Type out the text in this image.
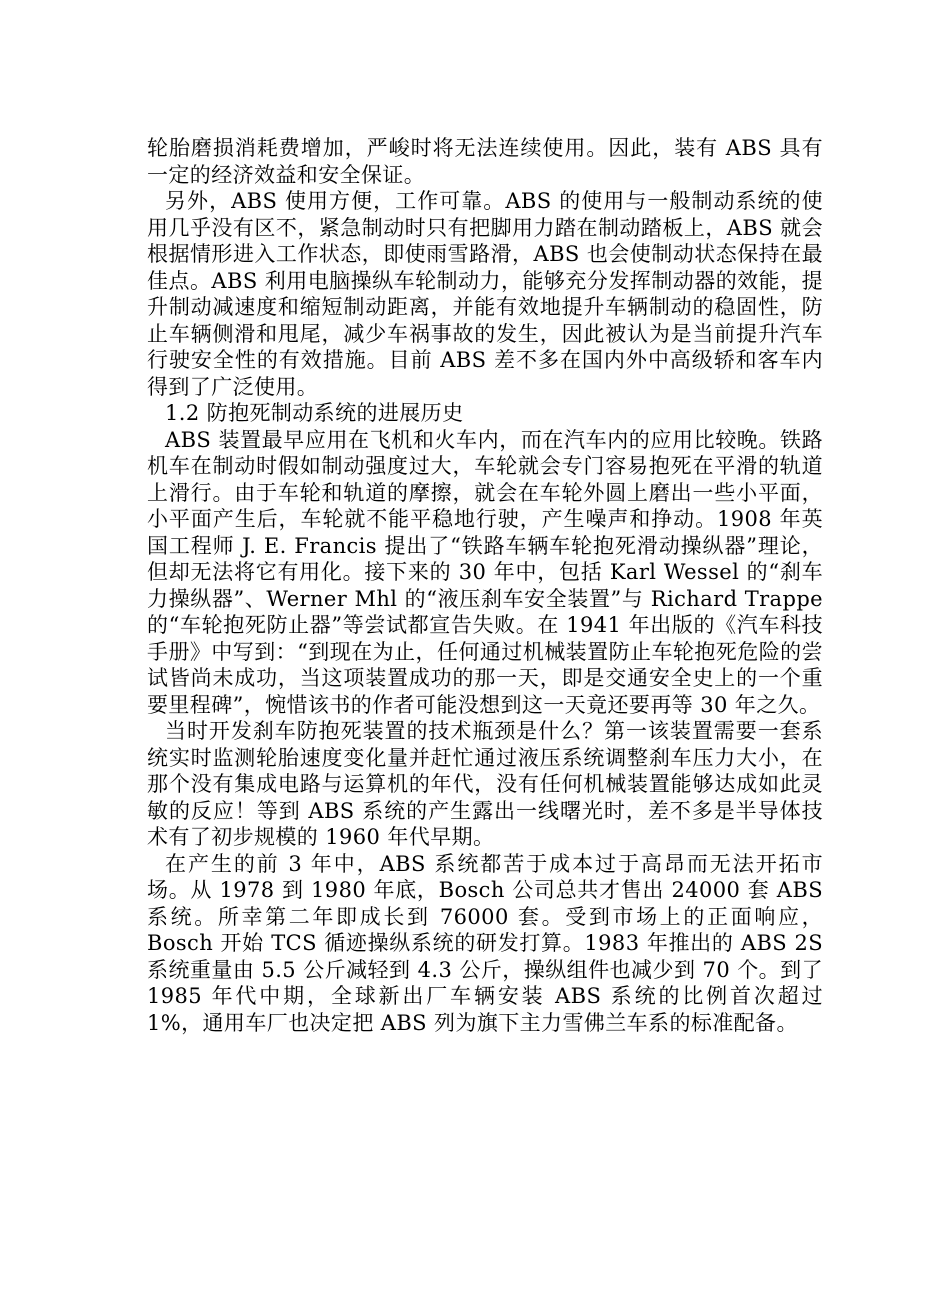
轮胎磨损消耗费增加，严峻时将无法连续使用。因此，装有 ABS 具有一定的经济效益和安全保证。

另外，ABS 使用方便，工作可靠。ABS 的使用与一般制动系统的使用几乎没有区不，紧急制动时只有把脚用力踏在制动踏板上，ABS 就会根据情形进入工作状态，即使雨雪路滑，ABS 也会使制动状态保持在最佳点。ABS 利用电脑操纵车轮制动力，能够充分发挥制动器的效能，提升制动减速度和缩短制动距离，并能有效地提升车辆制动的稳固性，防止车辆侧滑和甩尾，减少车祸事故的发生，因此被认为是当前提升汽车行驶安全性的有效措施。目前 ABS 差不多在国内外中高级轿和客车内得到了广泛使用。

1.2 防抱死制动系统的进展历史

ABS 装置最早应用在飞机和火车内，而在汽车内的应用比较晚。铁路机车在制动时假如制动强度过大，车轮就会专门容易抱死在平滑的轨道上滑行。由于车轮和轨道的摩擦，就会在车轮外圆上磨出一些小平面，小平面产生后，车轮就不能平稳地行驶，产生噪声和挣动。1908 年英国工程师 J. E. Francis 提出了“铁路车辆车轮抱死滑动操纵器”理论，但却无法将它有用化。接下来的 30 年中，包括 Karl Wessel 的“刹车力操纵器”、Werner Mhl 的“液压刹车安全装置”与 Richard Trappe 的“车轮抱死防止器”等尝试都宣告失败。在 1941 年出版的《汽车科技手册》中写到：“到现在为止，任何通过机械装置防止车轮抱死危险的尝试皆尚未成功，当这项装置成功的那一天，即是交通安全史上的一个重要里程碑”，惋惜该书的作者可能没想到这一天竟还要再等 30 年之久。

当时开发刹车防抱死装置的技术瓶颈是什么？第一该装置需要一套系统实时监测轮胎速度变化量并赶忙通过液压系统调整刹车压力大小，在那个没有集成电路与运算机的年代，没有任何机械装置能够达成如此灵敏的反应！等到 ABS 系统的产生露出一线曙光时，差不多是半导体技术有了初步规模的 1960 年代早期。

在产生的前 3 年中，ABS 系统都苦于成本过于高昂而无法开拓市场。从 1978 到 1980 年底，Bosch 公司总共才售出 24000 套 ABS 系统。所幸第二年即成长到 76000 套。受到市场上的正面响应，Bosch 开始 TCS 循迹操纵系统的研发打算。1983 年推出的 ABS 2S 系统重量由 5.5 公斤减轻到 4.3 公斤，操纵组件也减少到 70 个。到了 1985 年代中期，全球新出厂车辆安装 ABS 系统的比例首次超过 1%，通用车厂也决定把 ABS 列为旗下主力雪佛兰车系的标准配备。
